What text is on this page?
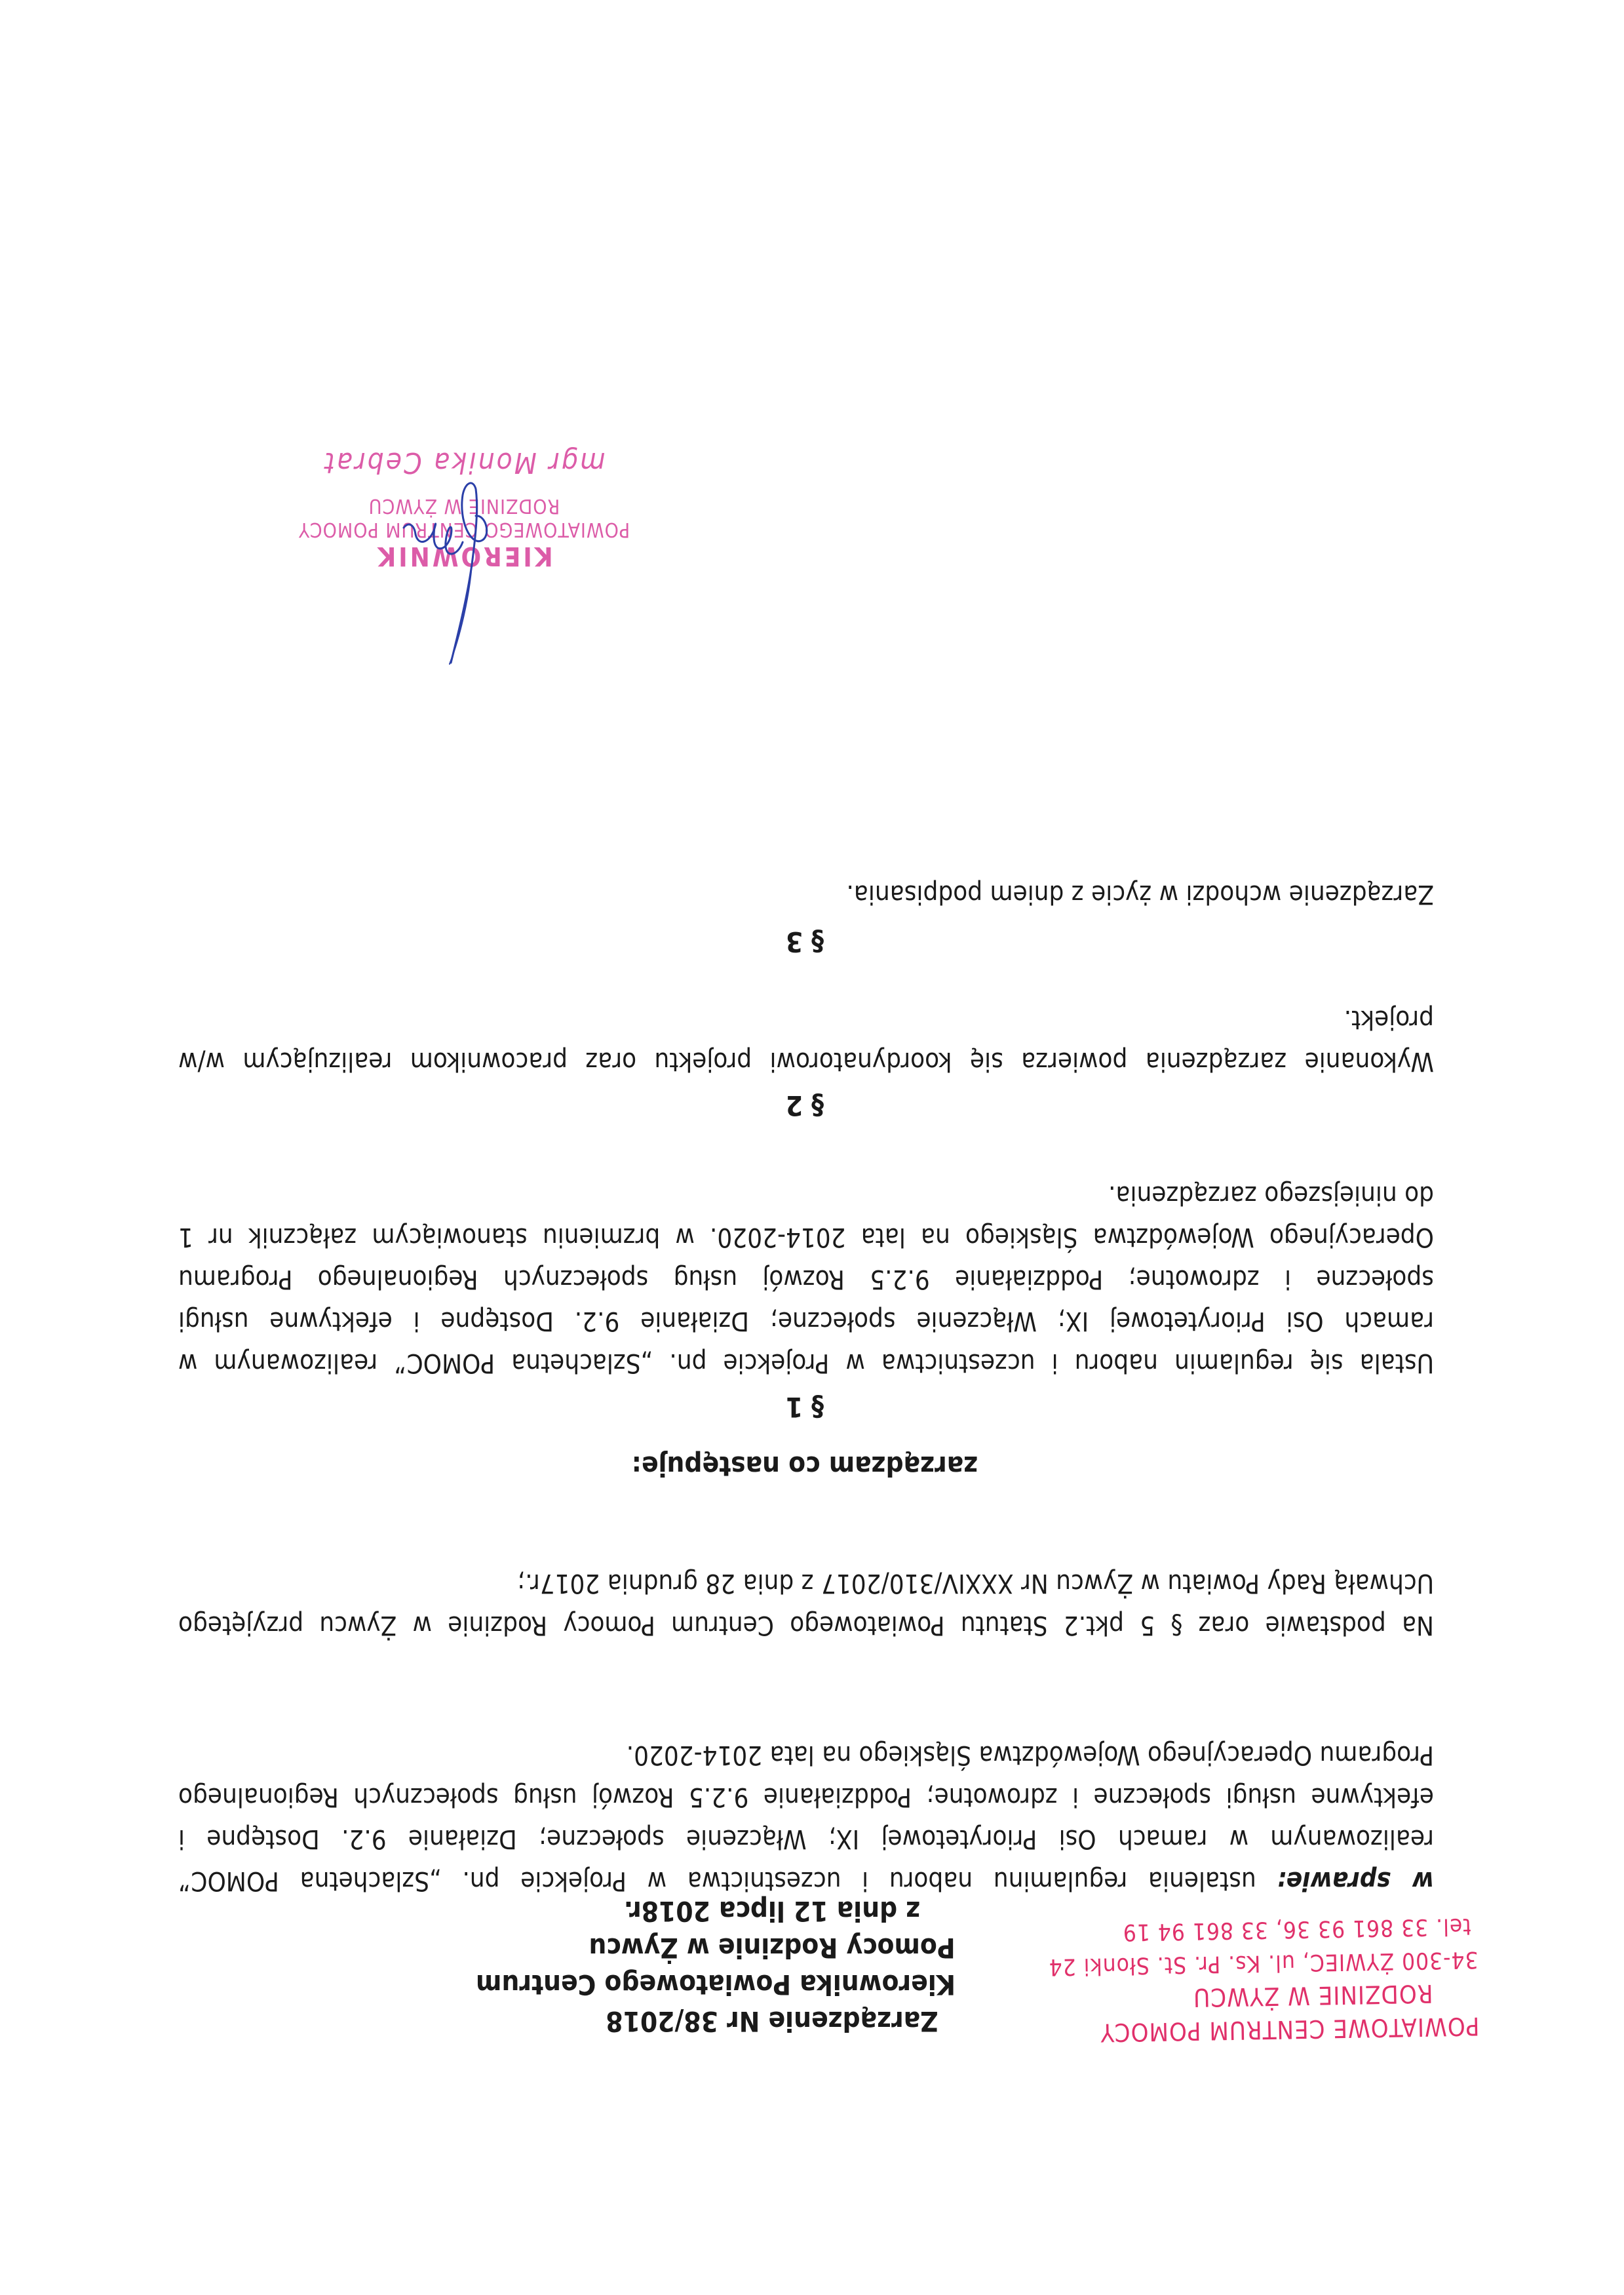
POWIATOWE CENTRUM POMOCY
RODZINIE W ŻYWCU
34-300 ŻYWIEC, ul. Ks. Pr. St. Słonki 24
tel. 33 861 93 36, 33 861 94 19
Zarządzenie Nr 38/2018
Kierownika Powiatowego Centrum
Pomocy Rodzinie w Żywcu
z dnia 12 lipca 2018r.
w sprawie: ustalenia regulaminu naboru i uczestnictwa w Projekcie pn. „Szlachetna POMOC”
realizowanym w ramach Osi Priorytetowej IX; Włączenie społeczne; Działanie 9.2. Dostępne i
efektywne usługi społeczne i zdrowotne; Poddziałanie 9.2.5 Rozwój usług społecznych Regionalnego
Programu Operacyjnego Województwa Śląskiego na lata 2014-2020.
Na podstawie oraz § 5 pkt.2 Statutu Powiatowego Centrum Pomocy Rodzinie w Żywcu przyjętego
Uchwałą Rady Powiatu w Żywcu Nr XXXIV/310/2017 z dnia 28 grudnia 2017r.;
zarządzam co następuje:
§ 1
Ustala się regulamin naboru i uczestnictwa w Projekcie pn. „Szlachetna POMOC” realizowanym w
ramach Osi Priorytetowej IX; Włączenie społeczne; Działanie 9.2. Dostępne i efektywne usługi
społeczne i zdrowotne; Poddziałanie 9.2.5 Rozwój usług społecznych Regionalnego Programu
Operacyjnego Województwa Śląskiego na lata 2014-2020. w brzmieniu stanowiącym załącznik nr 1
do niniejszego zarządzenia.
§ 2
Wykonanie zarządzenia powierza się koordynatorowi projektu oraz pracownikom realizującym w/w
projekt.
§ 3
Zarządzenie wchodzi w życie z dniem podpisania.
KIEROWNIK
POWIATOWEGO CENTRUM POMOCY
RODZINIE W ŻYWCU
mgr Monika Cebrat
